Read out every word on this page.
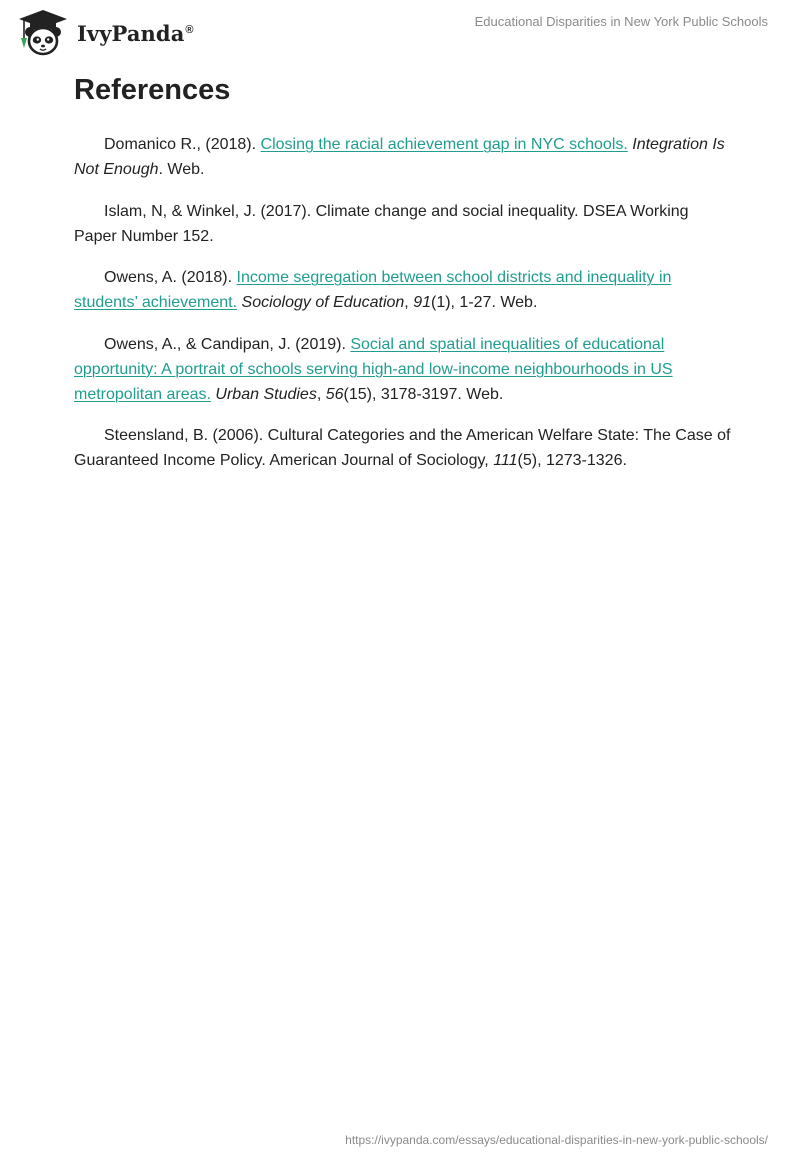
IvyPanda®
Educational Disparities in New York Public Schools
References

Domanico R., (2018). Closing the racial achievement gap in NYC schools. Integration Is Not Enough. Web.

Islam, N, & Winkel, J. (2017). Climate change and social inequality. DSEA Working Paper Number 152.

Owens, A. (2018). Income segregation between school districts and inequality in students’ achievement. Sociology of Education, 91(1), 1-27. Web.

Owens, A., & Candipan, J. (2019). Social and spatial inequalities of educational opportunity: A portrait of schools serving high-and low-income neighbourhoods in US metropolitan areas. Urban Studies, 56(15), 3178-3197. Web.

Steensland, B. (2006). Cultural Categories and the American Welfare State: The Case of Guaranteed Income Policy. American Journal of Sociology, 111(5), 1273-1326.

https://ivypanda.com/essays/educational-disparities-in-new-york-public-schools/
